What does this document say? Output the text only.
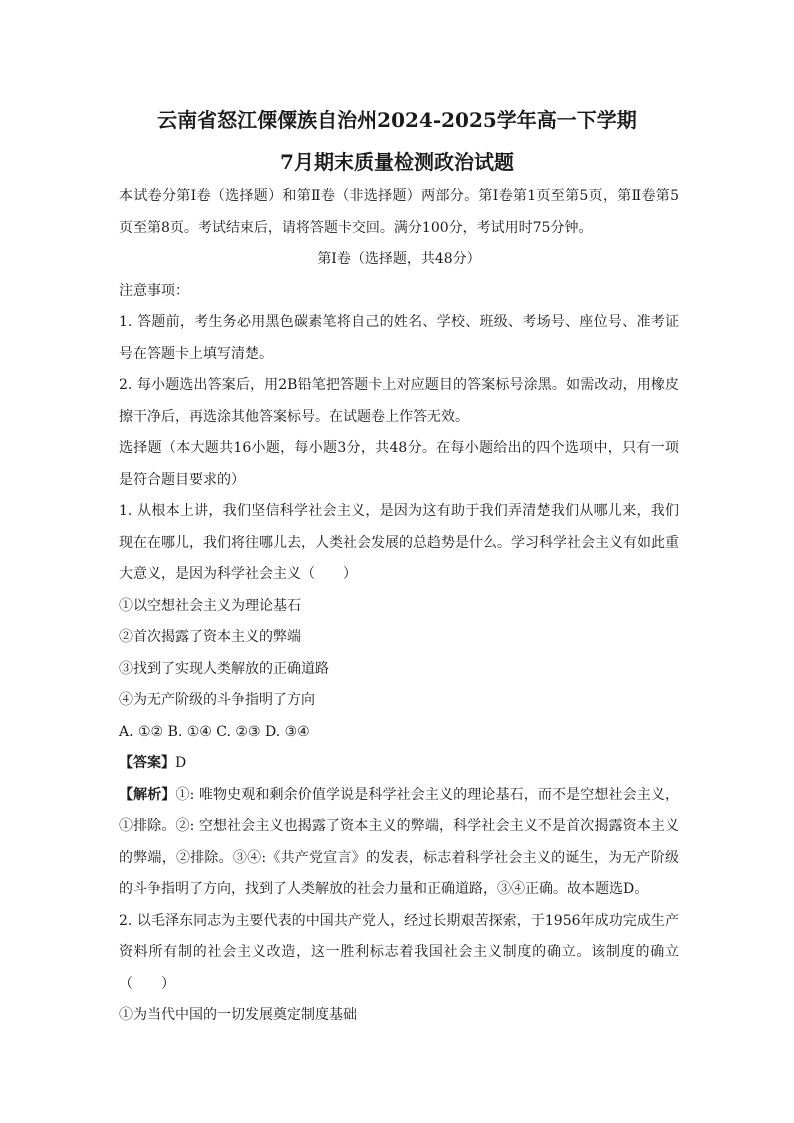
云南省怒江傈僳族自治州2024-2025学年高一下学期
7月期末质量检测政治试题

本试卷分第Ⅰ卷（选择题）和第Ⅱ卷（非选择题）两部分。第Ⅰ卷第1页至第5页，第Ⅱ卷第5页至第8页。考试结束后，请将答题卡交回。满分100分，考试用时75分钟。

第Ⅰ卷（选择题，共48分）

注意事项：

1. 答题前，考生务必用黑色碳素笔将自己的姓名、学校、班级、考场号、座位号、准考证号在答题卡上填写清楚。

2. 每小题选出答案后，用2B铅笔把答题卡上对应题目的答案标号涂黑。如需改动，用橡皮擦干净后，再选涂其他答案标号。在试题卷上作答无效。

选择题（本大题共16小题，每小题3分，共48分。在每小题给出的四个选项中，只有一项是符合题目要求的）

1. 从根本上讲，我们坚信科学社会主义，是因为这有助于我们弄清楚我们从哪儿来，我们现在在哪儿，我们将往哪儿去，人类社会发展的总趋势是什么。学习科学社会主义有如此重大意义，是因为科学社会主义（　　）

①以空想社会主义为理论基石

②首次揭露了资本主义的弊端

③找到了实现人类解放的正确道路

④为无产阶级的斗争指明了方向

A. ①② B. ①④ C. ②③ D. ③④

【答案】D

【解析】①: 唯物史观和剩余价值学说是科学社会主义的理论基石，而不是空想社会主义，①排除。②: 空想社会主义也揭露了资本主义的弊端，科学社会主义不是首次揭露资本主义的弊端，②排除。③④:《共产党宣言》的发表，标志着科学社会主义的诞生，为无产阶级的斗争指明了方向，找到了人类解放的社会力量和正确道路，③④正确。故本题选D。

2. 以毛泽东同志为主要代表的中国共产党人，经过长期艰苦探索，于1956年成功完成生产资料所有制的社会主义改造，这一胜利标志着我国社会主义制度的确立。该制度的确立（　　）

①为当代中国的一切发展奠定制度基础
